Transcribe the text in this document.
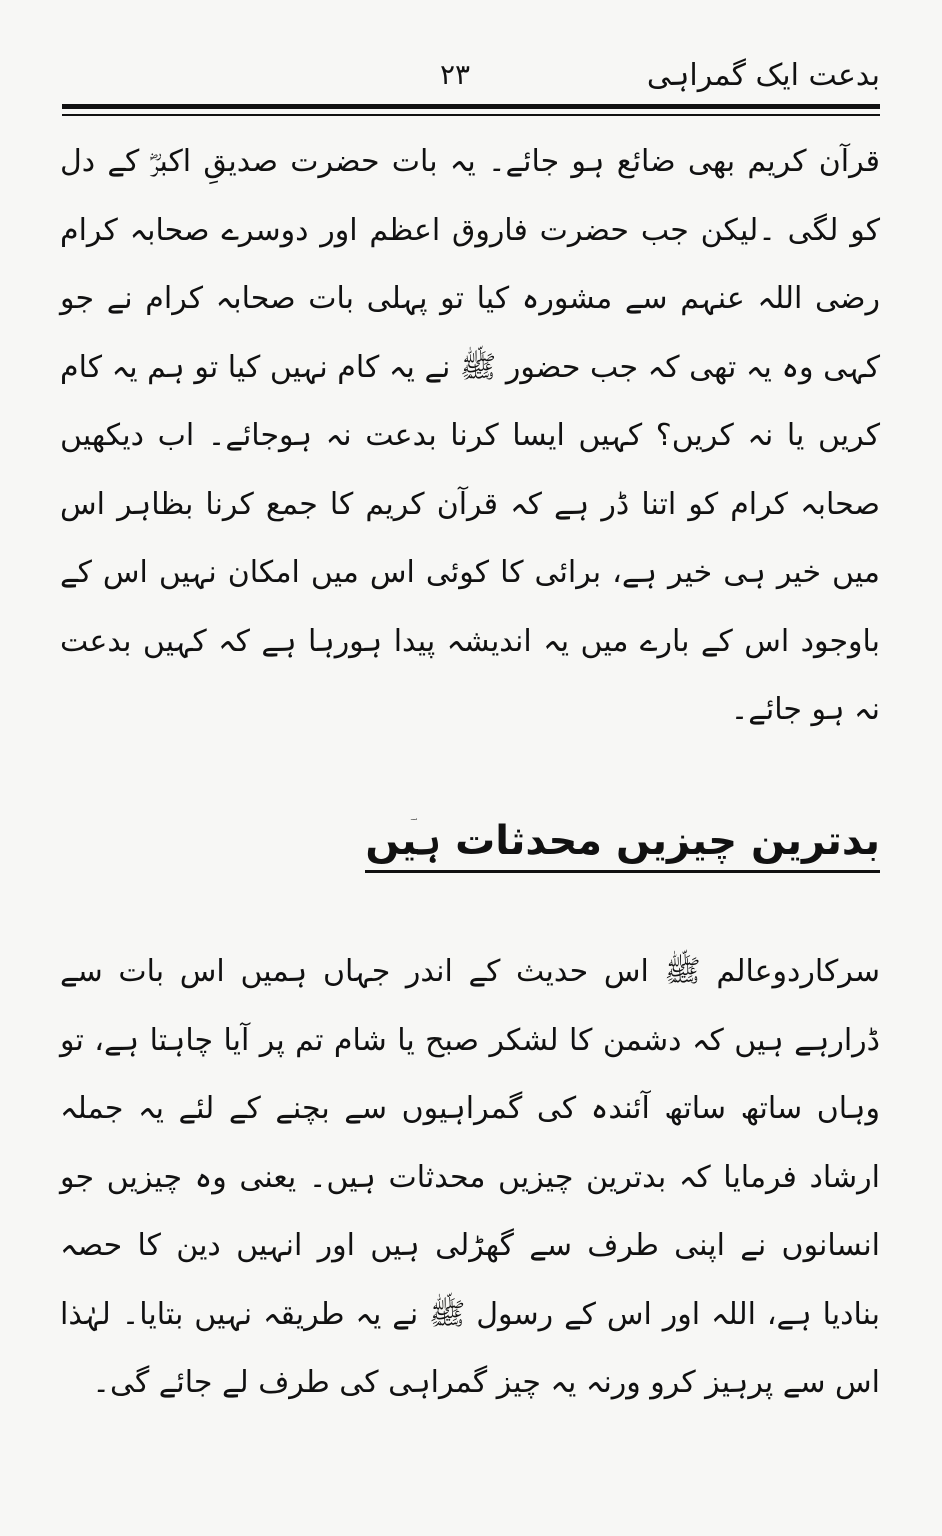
بدعت ایک گمراہی
۲۳

قرآن کریم بھی ضائع ہو جائے۔ یہ بات حضرت صدیقِ اکبرؓ کے دل کو لگی ۔لیکن جب حضرت فاروق اعظم اور دوسرے صحابہ کرام رضی اللہ عنہم سے مشورہ کیا تو پہلی بات صحابہ کرام نے جو کہی وہ یہ تھی کہ جب حضور ﷺ نے یہ کام نہیں کیا تو ہم یہ کام کریں یا نہ کریں؟ کہیں ایسا کرنا بدعت نہ ہوجائے۔ اب دیکھیں صحابہ کرام کو اتنا ڈر ہے کہ قرآن کریم کا جمع کرنا بظاہر اس میں خیر ہی خیر ہے، برائی کا کوئی اس میں امکان نہیں اس کے باوجود اس کے بارے میں یہ اندیشہ پیدا ہورہا ہے کہ کہیں بدعت نہ ہو جائے۔

بدترین چیزیں محدثات ہیں

سرکاردوعالم ﷺ اس حدیث کے اندر جہاں ہمیں اس بات سے ڈرارہے ہیں کہ دشمن کا لشکر صبح یا شام تم پر آیا چاہتا ہے، تو وہاں ساتھ ساتھ آئندہ کی گمراہیوں سے بچنے کے لئے یہ جملہ ارشاد فرمایا کہ بدترین چیزیں محدثات ہیں۔ یعنی وہ چیزیں جو انسانوں نے اپنی طرف سے گھڑلی ہیں اور انہیں دین کا حصہ بنادیا ہے، اللہ اور اس کے رسول ﷺ نے یہ طریقہ نہیں بتایا۔ لہٰذا اس سے پرہیز کرو ورنہ یہ چیز گمراہی کی طرف لے جائے گی۔
